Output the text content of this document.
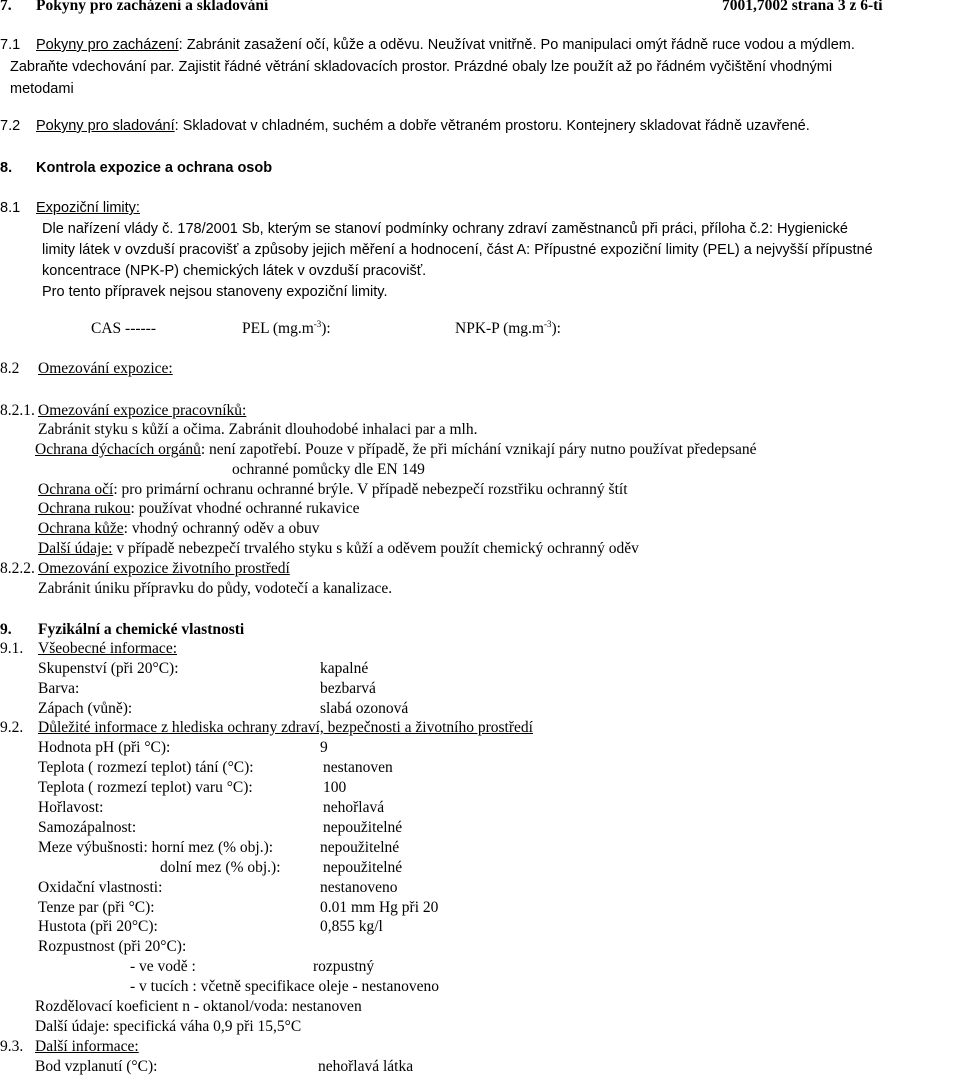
7. Pokyny pro zacházení a skladování	7001,7002 strana 3 z 6-ti
7.1 Pokyny pro zacházení: Zabránit zasažení očí, kůže a oděvu. Neužívat vnitřně. Po manipulaci omýt řádně ruce vodou a mýdlem.
Zabraňte vdechování par. Zajistit řádné větrání skladovacích prostor. Prázdné obaly lze použít až po řádném vyčištění vhodnými
metodami
7.2 Pokyny pro sladování: Skladovat v chladném, suchém a dobře větraném prostoru. Kontejnery skladovat řádně uzavřené.
8. Kontrola expozice a ochrana osob
8.1 Expoziční limity:
Dle nařízení vlády č. 178/2001 Sb, kterým se stanoví podmínky ochrany zdraví zaměstnanců při práci, příloha č.2: Hygienické
limity látek v ovzduší pracovišť a způsoby jejich měření a hodnocení, část A: Přípustné expoziční limity (PEL) a nejvyšší přípustné
koncentrace (NPK-P) chemických látek v ovzduší pracovišť.
Pro tento přípravek nejsou stanoveny expoziční limity.
CAS ------	PEL $(mg.m^{-3})$:	NPK-P $(mg.m^{-3})$:
8.2 Omezování expozice:
8.2.1. Omezování expozice pracovníků:
Zabránit styku s kůží a očima. Zabránit dlouhodobé inhalaci par a mlh.
Ochrana dýchacích orgánů: není zapotřebí. Pouze v případě, že při míchání vznikají páry nutno používat předepsané
ochranné pomůcky dle EN 149
Ochrana očí: pro primární ochranu ochranné brýle. V případě nebezpečí rozstřiku ochranný štít
Ochrana rukou: používat vhodné ochranné rukavice
Ochrana kůže: vhodný ochranný oděv a obuv
Další údaje: v případě nebezpečí trvalého styku s kůží a oděvem použít chemický ochranný oděv
8.2.2. Omezování expozice životního prostředí
Zabránit úniku přípravku do půdy, vodotečí a kanalizace.
9. Fyzikální a chemické vlastnosti
9.1. Všeobecné informace:
Skupenství (při 20°C):	kapalné
Barva:	bezbarvá
Zápach (vůně):	slabá ozonová
9.2. Důležité informace z hlediska ochrany zdraví, bezpečnosti a životního prostředí
Hodnota pH (při °C):	9
Teplota ( rozmezí teplot) tání (°C):	nestanoven
Teplota ( rozmezí teplot) varu °C):	100
Hořlavost:	nehořlavá
Samozápalnost:	nepoužitelné
Meze výbušnosti: horní mez (% obj.):	nepoužitelné
dolní mez (% obj.):	nepoužitelné
Oxidační vlastnosti:	nestanoveno
Tenze par (při °C):	0.01 mm Hg při 20
Hustota (při 20°C):	0,855 kg/l
Rozpustnost (při 20°C):
- ve vodě :	rozpustný
- v tucích : včetně specifikace oleje - nestanoveno
Rozdělovací koeficient n - oktanol/voda: nestanoven
Další údaje: specifická váha 0,9 při 15,5°C
9.3. Další informace:
Bod vzplanutí (°C):	nehořlavá látka
